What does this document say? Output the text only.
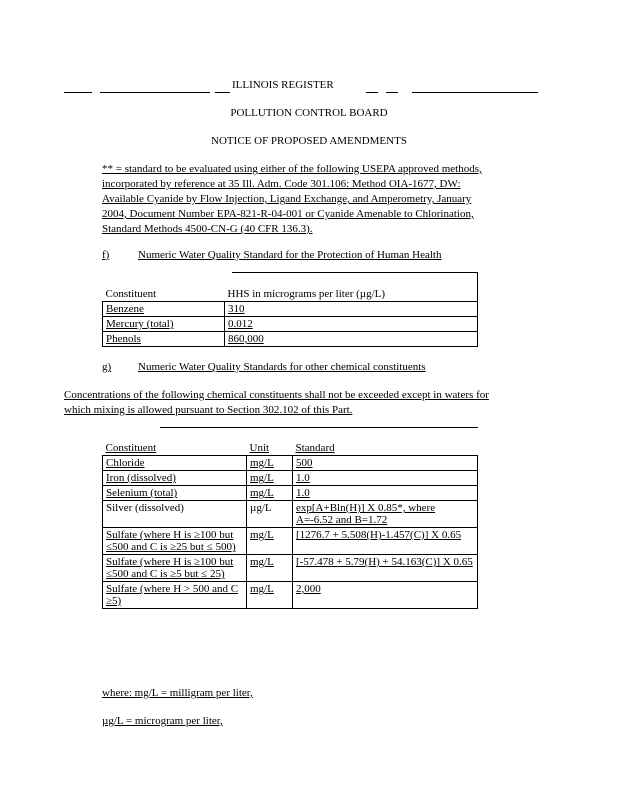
ILLINOIS REGISTER
POLLUTION CONTROL BOARD
NOTICE OF PROPOSED AMENDMENTS
** = standard to be evaluated using either of the following USEPA approved methods,
incorporated by reference at 35 Ill. Adm. Code 301.106: Method OIA-1677, DW:
Available Cyanide by Flow Injection, Ligand Exchange, and Amperometry, January
2004, Document Number EPA-821-R-04-001 or Cyanide Amenable to Chlorination,
Standard Methods 4500-CN-G (40 CFR 136.3).
f)	Numeric Water Quality Standard for the Protection of Human Health
Constituent	HHS in micrograms per liter (µg/L)
Benzene	310
Mercury (total)	0.012
Phenols	860,000
g) Numeric Water Quality Standards for other chemical constituents
Concentrations of the following chemical constituents shall not be exceeded except in waters for
which mixing is allowed pursuant to Section 302.102 of this Part.
Constituent	Unit	Standard
Chloride	mg/L	500
Iron (dissolved)	mg/L	1.0
Selenium (total)	mg/L	1.0
Silver (dissolved)	µg/L	exp[A+Bln(H)] X 0.85*, where A=-6.52 and B=1.72
Sulfate (where H is ≥100 but ≤500 and C is ≥25 but ≤ 500)	mg/L	[1276.7 + 5.508(H)-1.457(C)] X 0.65
Sulfate (where H is ≥100 but ≤500 and C is ≥5 but ≤ 25)	mg/L	[-57.478 + 5.79(H) + 54.163(C)] X 0.65
Sulfate (where H > 500 and C ≥5)	mg/L	2,000
where: mg/L = milligram per liter,
µg/L = microgram per liter,
